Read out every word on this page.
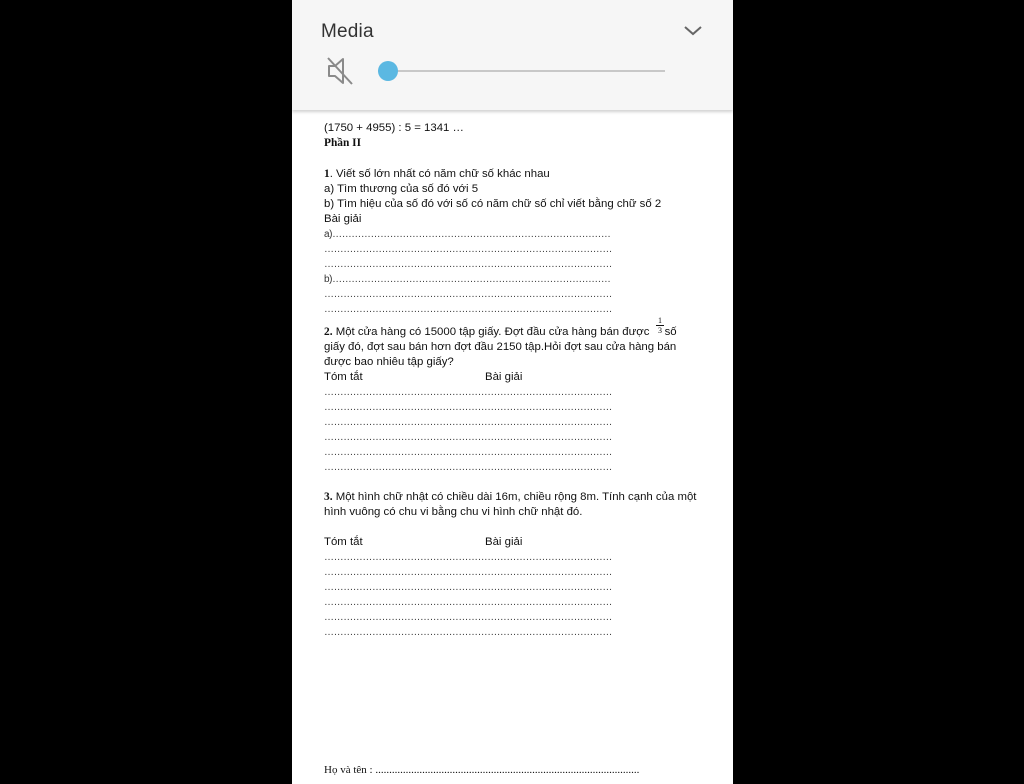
Media
(1750 + 4955) : 5 = 1341 …
Phần II
1. Viết số lớn nhất có năm chữ số khác nhau
a) Tìm thương của số đó với 5
b) Tìm hiệu của số đó với số có năm chữ số chỉ viết bằng chữ số 2
Bài giải
a)……………………………………………………………………………
………………………………………………………………………………
………………………………………………………………………………
b)……………………………………………………………………………
………………………………………………………………………………
………………………………………………………………………………
2. Một cửa hàng có 15000 tập giấy. Đợt đầu cửa hàng bán được số
1
3
giấy đó, đợt sau bán hơn đợt đầu 2150 tập.Hỏi đợt sau cửa hàng bán
được bao nhiêu tập giấy?
Tóm tắt	Bài giải
………………………………………………………………………………
………………………………………………………………………………
………………………………………………………………………………
………………………………………………………………………………
………………………………………………………………………………
………………………………………………………………………………
3. Một hình chữ nhật có chiều dài 16m, chiều rộng 8m. Tính cạnh của một
hình vuông có chu vi bằng chu vi hình chữ nhật đó.
Tóm tắt	Bài giải
………………………………………………………………………………
………………………………………………………………………………
………………………………………………………………………………
………………………………………………………………………………
………………………………………………………………………………
………………………………………………………………………………
Họ và tên : ................................................................................................
